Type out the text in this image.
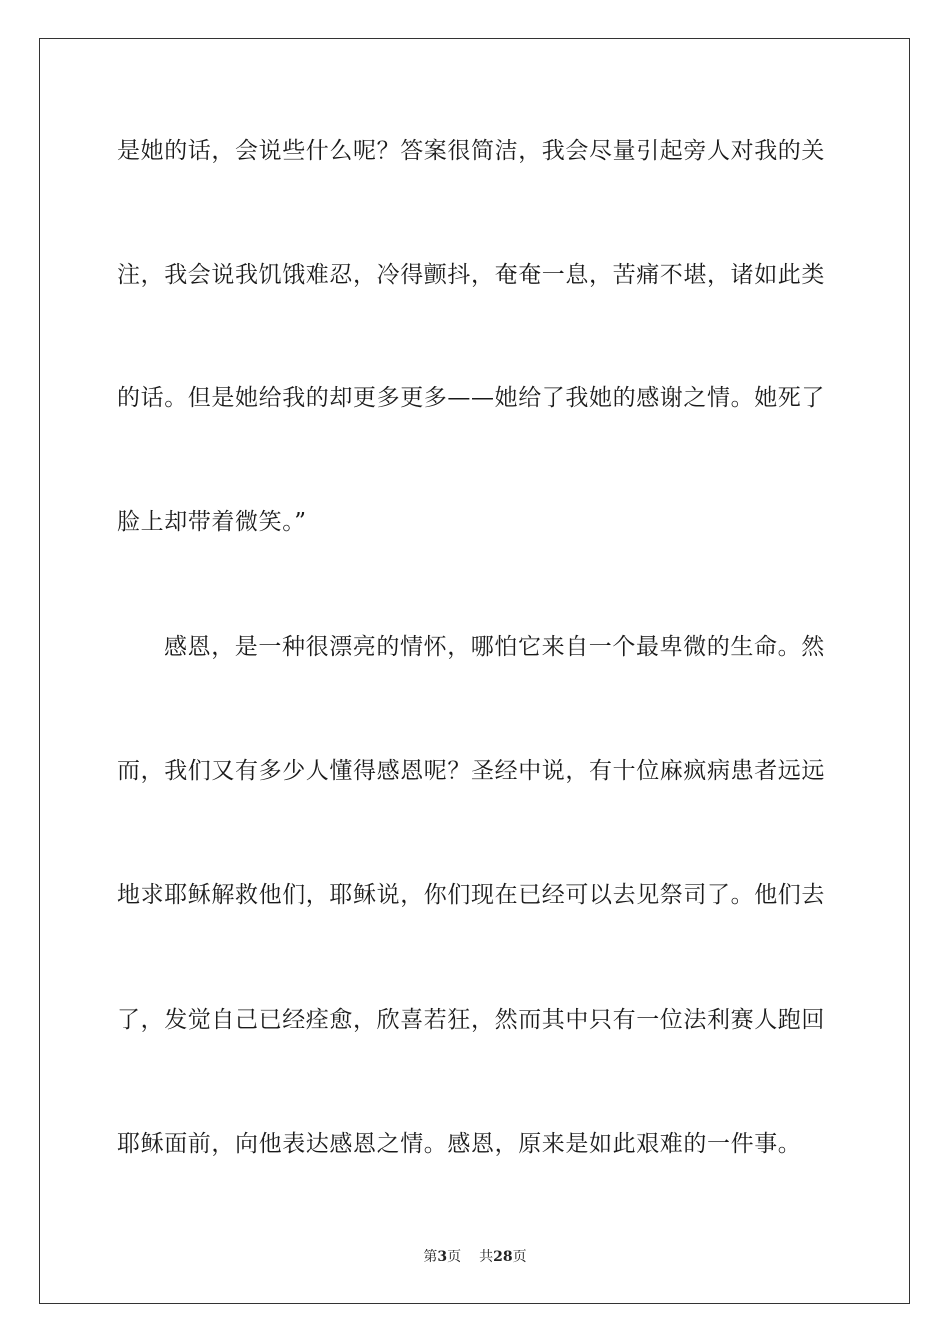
是她的话，会说些什么呢？答案很简洁，我会尽量引起旁人对我的关
注，我会说我饥饿难忍，冷得颤抖，奄奄一息，苦痛不堪，诸如此类
的话。但是她给我的却更多更多——她给了我她的感谢之情。她死了
脸上却带着微笑。”
感恩，是一种很漂亮的情怀，哪怕它来自一个最卑微的生命。然
而，我们又有多少人懂得感恩呢？圣经中说，有十位麻疯病患者远远
地求耶稣解救他们，耶稣说，你们现在已经可以去见祭司了。他们去
了，发觉自己已经痊愈，欣喜若狂，然而其中只有一位法利赛人跑回
耶稣面前，向他表达感恩之情。感恩，原来是如此艰难的一件事。
第3页 共28页
